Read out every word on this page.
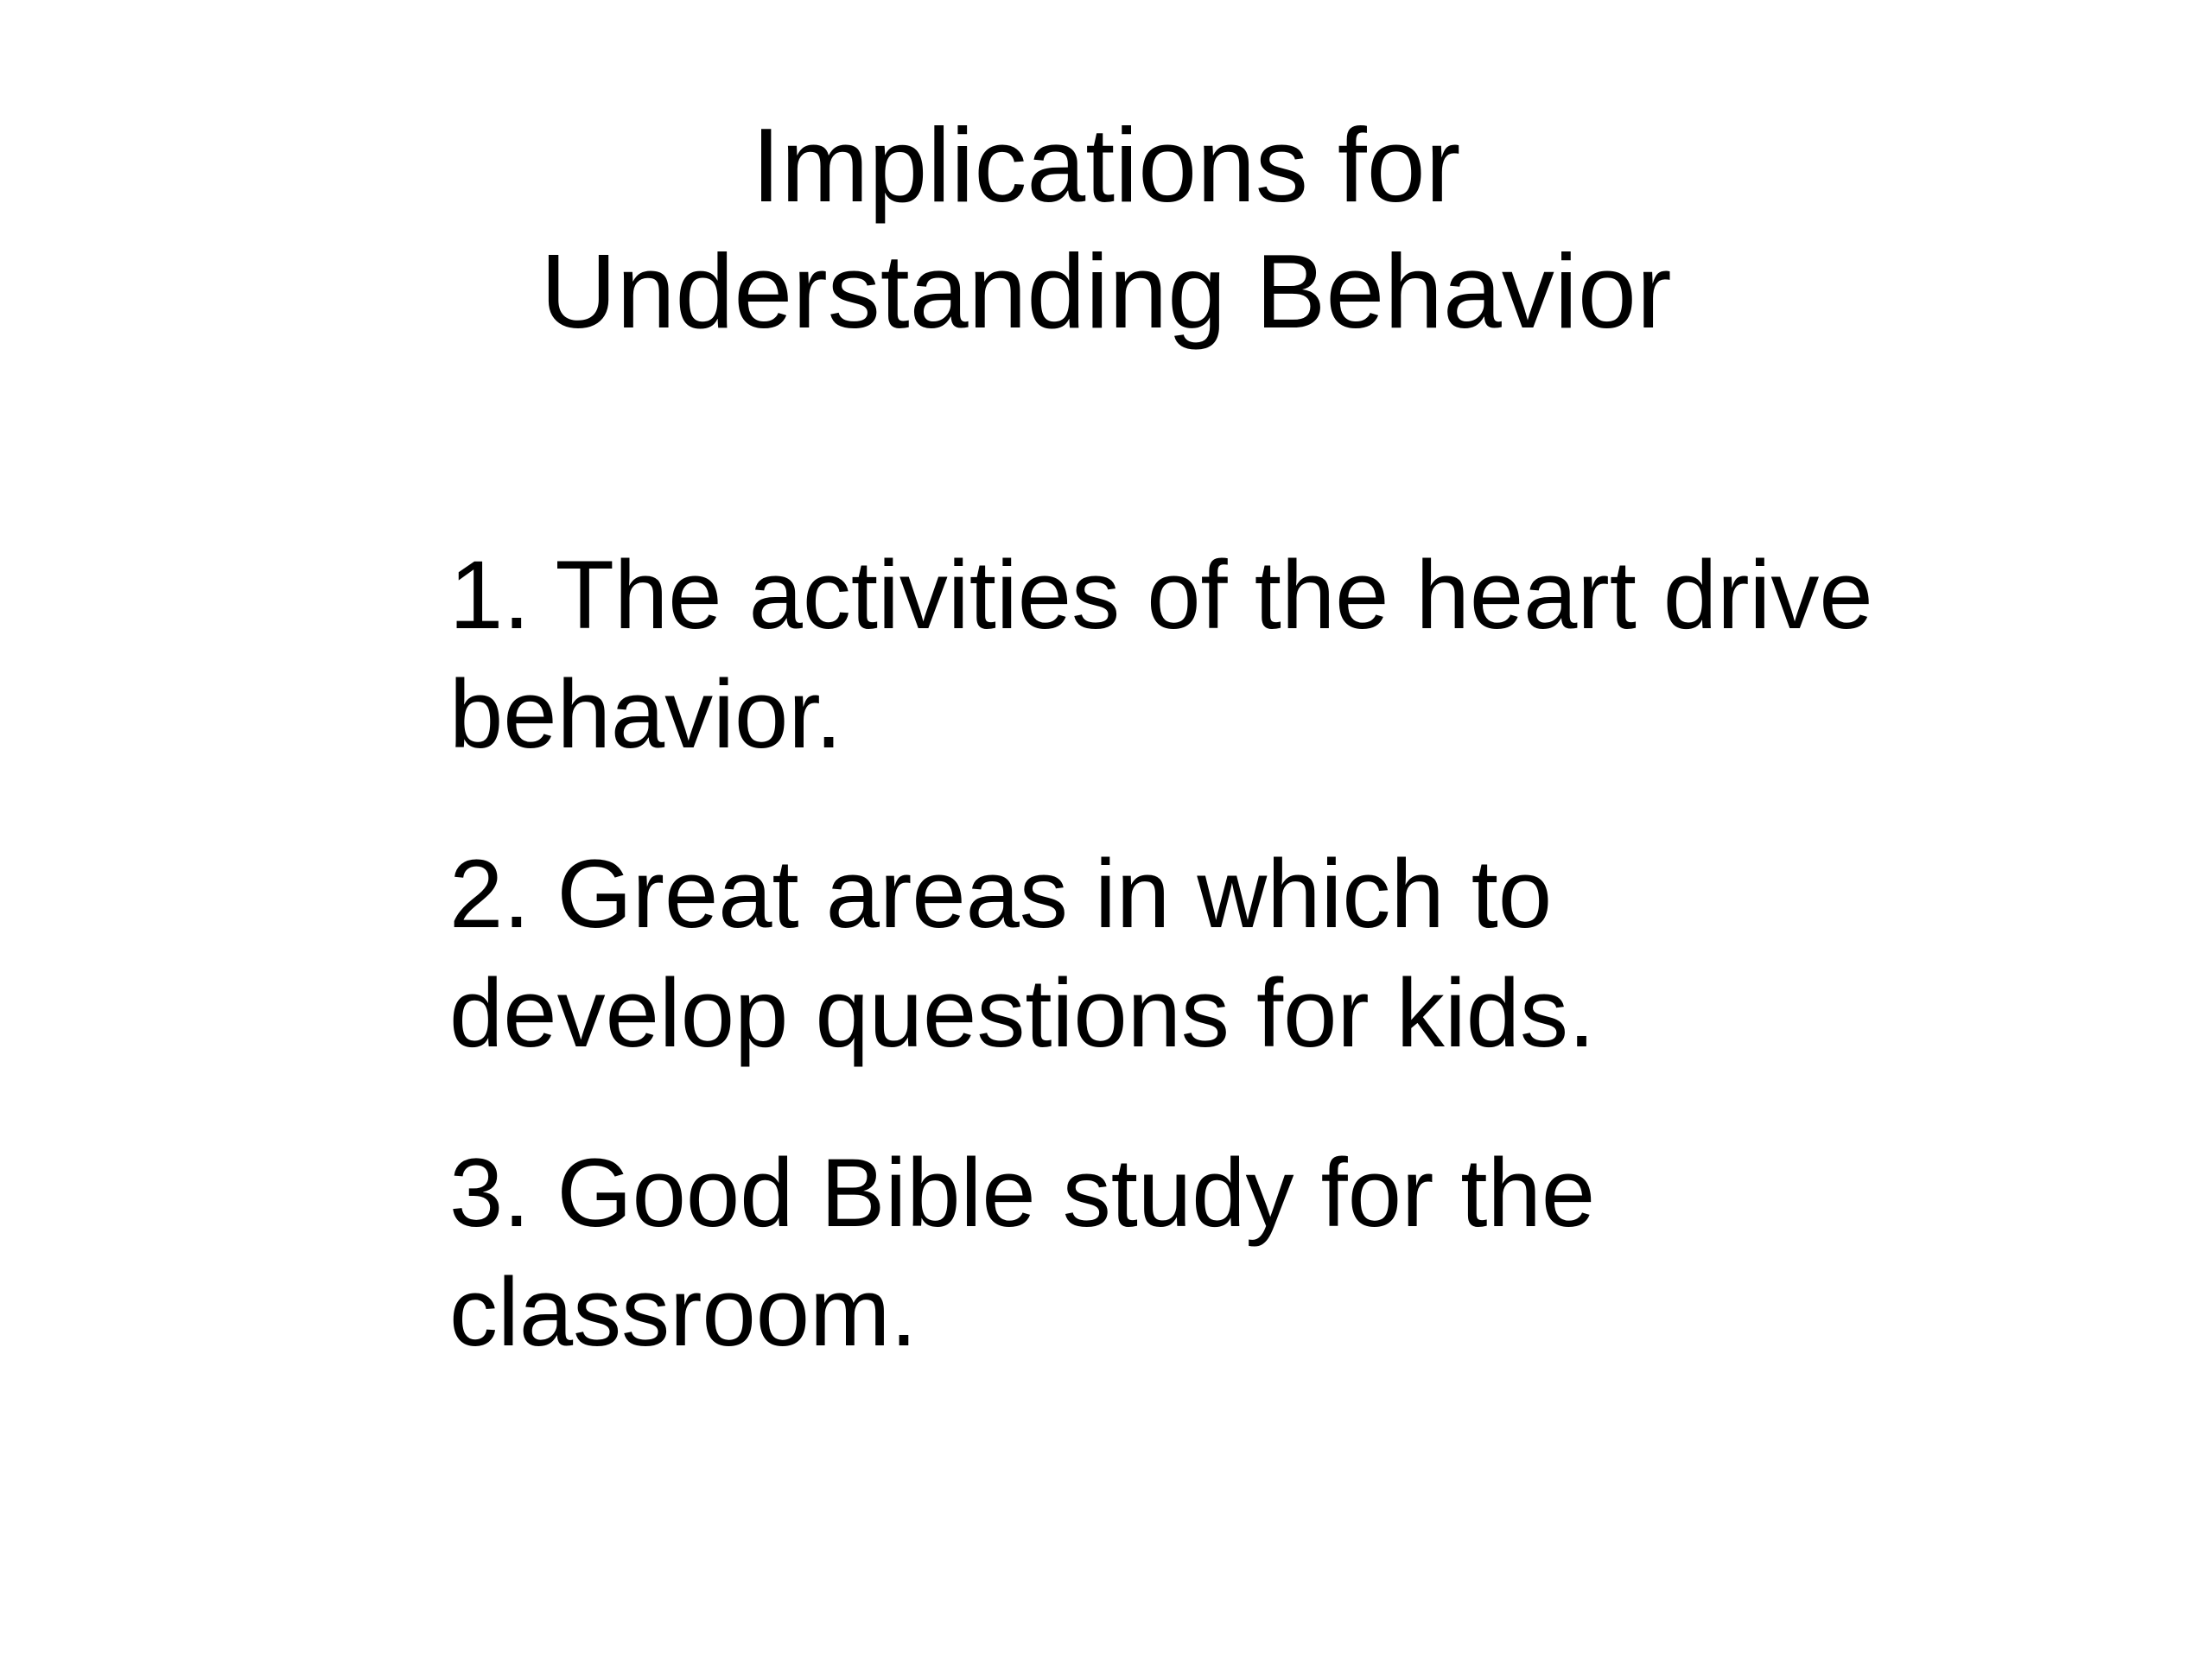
Implications for
Understanding Behavior
1. The activities of the heart drive
behavior.
2. Great areas in which to
develop questions for kids.
3. Good Bible study for the
classroom.
